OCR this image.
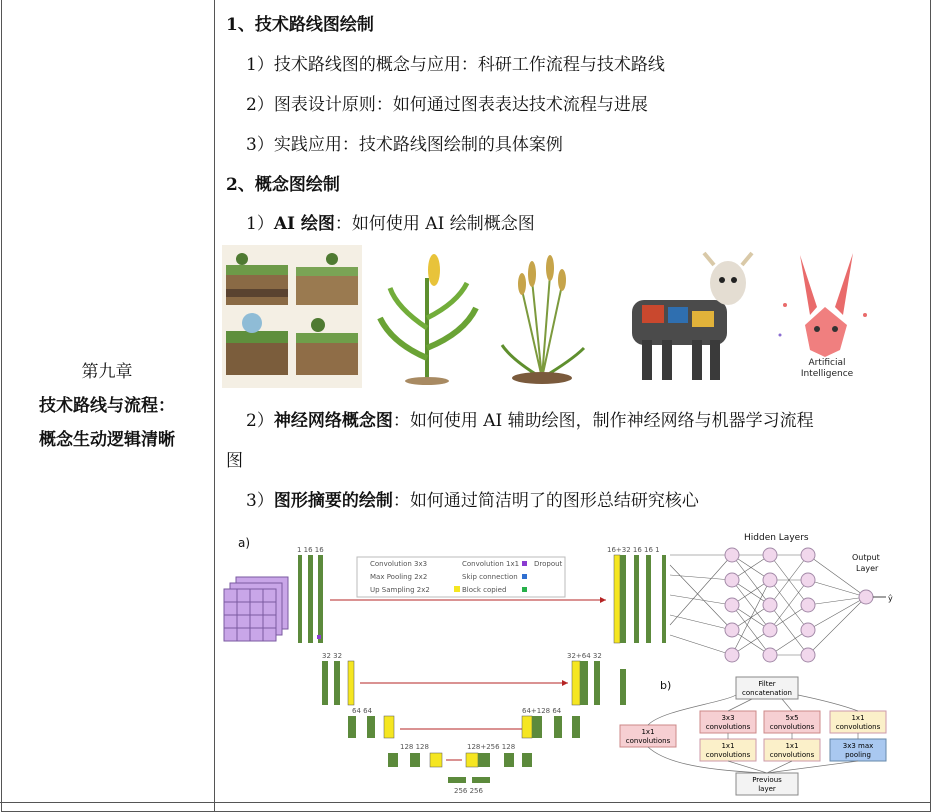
第九章
技术路线与流程：
概念生动逻辑清晰
1、技术路线图绘制
1）技术路线图的概念与应用：科研工作流程与技术路线
2）图表设计原则：如何通过图表表达技术流程与进展
3）实践应用：技术路线图绘制的具体案例
2、概念图绘制
1）AI 绘图：如何使用 AI 绘制概念图
Artificial
Intelligence
2）神经网络概念图：如何使用 AI 辅助绘图，制作神经网络与机器学习流程
图
3）图形摘要的绘制：如何通过简洁明了的图形总结研究核心
a)	1 16 16
Convolution 3x3	Convolution 1x1
Max Pooling 2x2	Skip connection
Up Sampling 2x2	Block copied
Dropout
16+32 16 16 1
32 32	32+64 32
64 64	64+128 64
128 128	128+256 128
256 256
Hidden Layers
Output
Layer
ŷ
b)	Filter
concatenation
1x1
convolutions
3x3
convolutions
5x5
convolutions
1x1
convolutions
1x1
convolutions
1x1
convolutions
3x3 max
pooling
Previous
layer
